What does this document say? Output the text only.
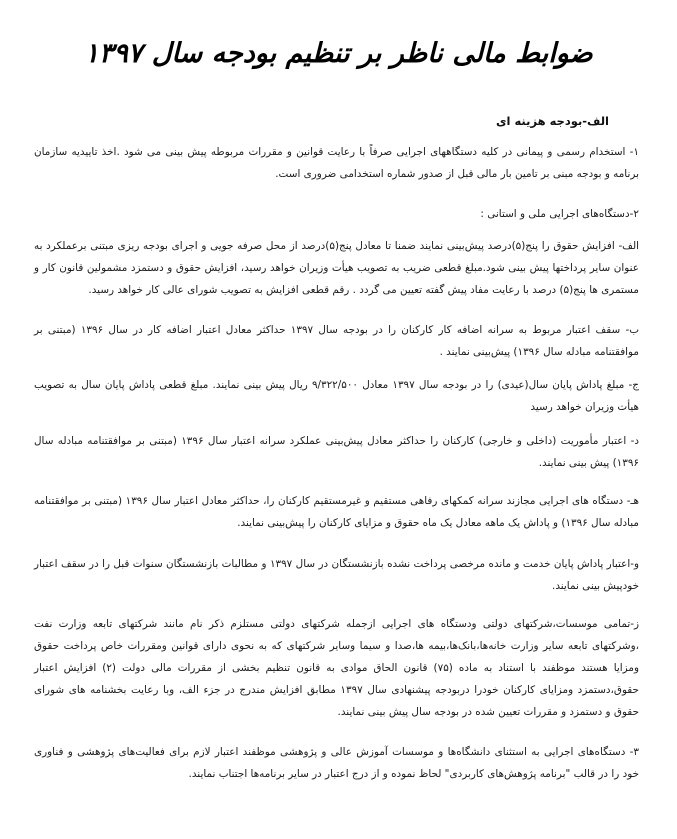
ضوابط مالی ناظر بر تنظیم بودجه سال ۱۳۹۷
الف-بودجه هزینه ای

۱- استخدام رسمی و پیمانی در کلیه دستگاههای اجرایی صرفاً با رعایت قوانین و مقررات مربوطه پیش بینی می شود .اخذ تاییدیه سازمان برنامه و بودجه مبنی بر تامین بار مالی قبل از صدور شماره استخدامی ضروری است.

۲-دستگاه‌های اجرایی ملی و استانی :

الف- افزایش حقوق را پنج(۵)درصد پیش‌بینی نمایند ضمنا تا معادل پنج(۵)درصد از محل صرفه جویی و اجرای بودجه ریزی مبتنی برعملکرد به عنوان سایر پرداختها پیش بینی شود.مبلغ قطعی ضریب به تصویب هیأت وزیران خواهد رسید، افزایش حقوق و دستمزد مشمولین قانون کار و مستمری ها پنج(۵) درصد با رعایت مفاد پیش گفته تعیین می گردد . رقم قطعی افزایش به تصویب شورای عالی کار خواهد رسید.

ب- سقف اعتبار مربوط به سرانه اضافه کار کارکنان را در بودجه سال ۱۳۹۷ حداکثر معادل اعتبار اضافه کار در سال ۱۳۹۶ (مبتنی بر موافقتنامه مبادله سال ۱۳۹۶) پیش‌بینی نمایند .

ج- مبلغ پاداش پایان سال(عیدی) را در بودجه سال ۱۳۹۷ معادل ۹/۳۲۲/۵۰۰ ریال پیش بینی نمایند. مبلغ قطعی پاداش پایان سال به تصویب هیأت وزیران خواهد رسید

د- اعتبار مأموریت (داخلی و خارجی) کارکنان را حداکثر معادل پیش‌بینی عملکرد سرانه اعتبار سال ۱۳۹۶ (مبتنی بر موافقتنامه مبادله سال ۱۳۹۶) پیش بینی نمایند.

هـ- دستگاه های اجرایی مجازند سرانه کمکهای رفاهی مستقیم و غیرمستقیم کارکنان را، حداکثر معادل اعتبار سال ۱۳۹۶ (مبتنی بر موافقتنامه مبادله سال ۱۳۹۶) و پاداش یک ماهه معادل یک ماه حقوق و مزایای کارکنان را پیش‌بینی نمایند.

و-اعتبار پاداش پایان خدمت و مانده مرخصی پرداخت نشده بازنشستگان در سال ۱۳۹۷ و مطالبات بازنشستگان سنوات قبل را در سقف اعتبار خودپیش بینی نمایند.

ز-تمامی موسسات،شرکتهای دولتی ودستگاه های اجرایی ازجمله شرکتهای دولتی مستلزم ذکر نام مانند شرکتهای تابعه وزارت نفت ،وشرکتهای تابعه سایر وزارت خانه‌ها،بانک‌ها،بیمه ها،صدا و سیما وسایر شرکتهای که به نحوی دارای قوانین ومقررات خاص پرداخت حقوق ومزایا هستند موظفند با استناد به ماده (۷۵) قانون الحاق موادی به قانون تنظیم بخشی از مقررات مالی دولت (۲) افزایش اعتبار حقوق،دستمزد ومزایای کارکنان خودرا دربودجه پیشنهادی سال ۱۳۹۷ مطابق افزایش مندرج در جزء الف، وبا رعایت بخشنامه های شورای حقوق و دستمزد و مقررات تعیین شده در بودجه سال پیش بینی نمایند.

۳- دستگاه‌های اجرایی به استثنای دانشگاه‌ها و موسسات آموزش عالی و پژوهشی موظفند اعتبار لازم برای فعالیت‌های پژوهشی و فناوری خود را در قالب "برنامه پژوهش‌های کاربردی" لحاظ نموده و از درج اعتبار در سایر برنامه‌ها اجتناب نمایند.
